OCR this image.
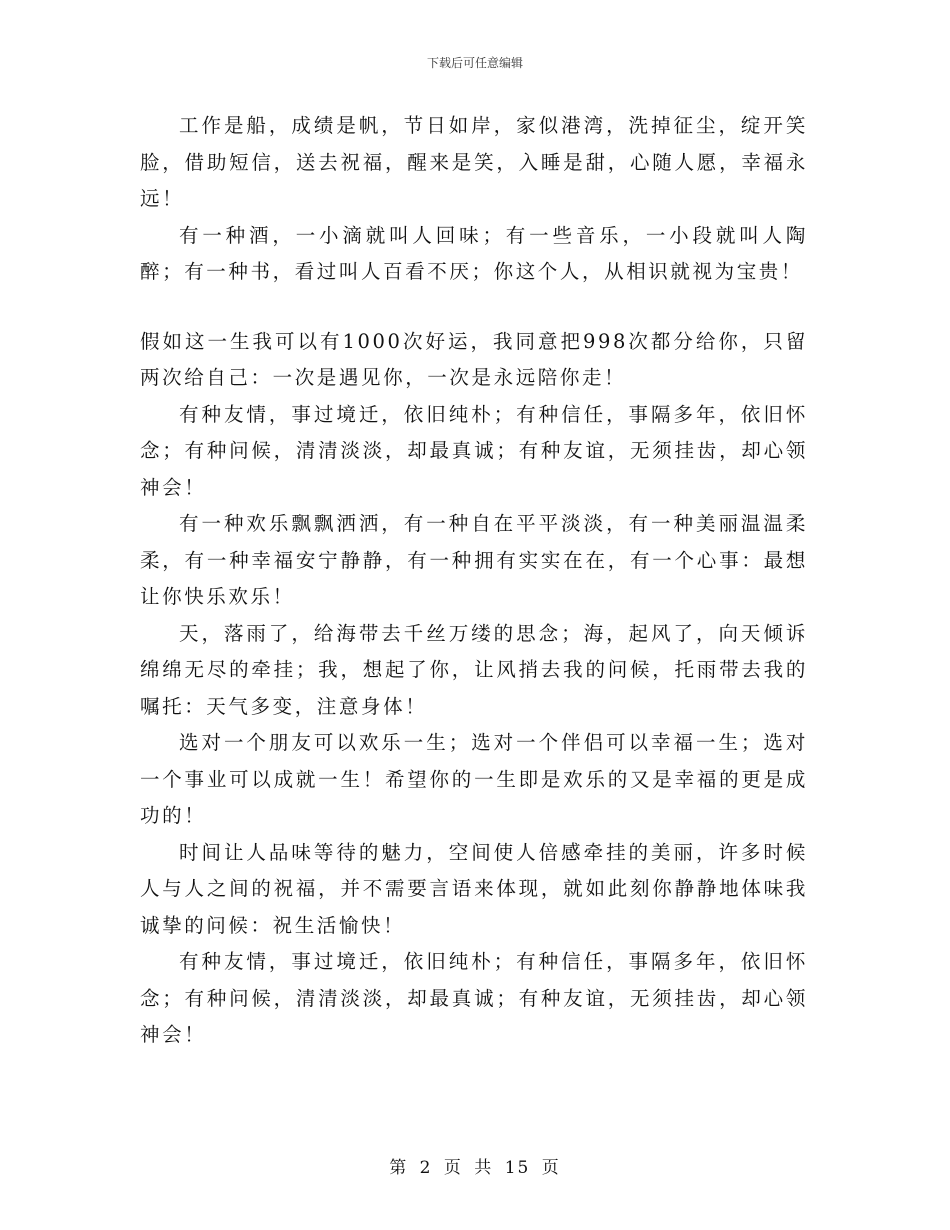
下载后可任意编辑

工作是船，成绩是帆，节日如岸，家似港湾，洗掉征尘，绽开笑脸，借助短信，送去祝福，醒来是笑，入睡是甜，心随人愿，幸福永远！

有一种酒，一小滴就叫人回味；有一些音乐，一小段就叫人陶醉；有一种书，看过叫人百看不厌；你这个人，从相识就视为宝贵！

假如这一生我可以有1000次好运，我同意把998次都分给你，只留两次给自己：一次是遇见你，一次是永远陪你走！

有种友情，事过境迁，依旧纯朴；有种信任，事隔多年，依旧怀念；有种问候，清清淡淡，却最真诚；有种友谊，无须挂齿，却心领神会！

有一种欢乐飘飘洒洒，有一种自在平平淡淡，有一种美丽温温柔柔，有一种幸福安宁静静，有一种拥有实实在在，有一个心事：最想让你快乐欢乐！

天，落雨了，给海带去千丝万缕的思念；海，起风了，向天倾诉绵绵无尽的牵挂；我，想起了你，让风捎去我的问候，托雨带去我的嘱托：天气多变，注意身体！

选对一个朋友可以欢乐一生；选对一个伴侣可以幸福一生；选对一个事业可以成就一生！希望你的一生即是欢乐的又是幸福的更是成功的！

时间让人品味等待的魅力，空间使人倍感牵挂的美丽，许多时候人与人之间的祝福，并不需要言语来体现，就如此刻你静静地体味我诚挚的问候：祝生活愉快！

有种友情，事过境迁，依旧纯朴；有种信任，事隔多年，依旧怀念；有种问候，清清淡淡，却最真诚；有种友谊，无须挂齿，却心领神会！

第 2 页 共 15 页
